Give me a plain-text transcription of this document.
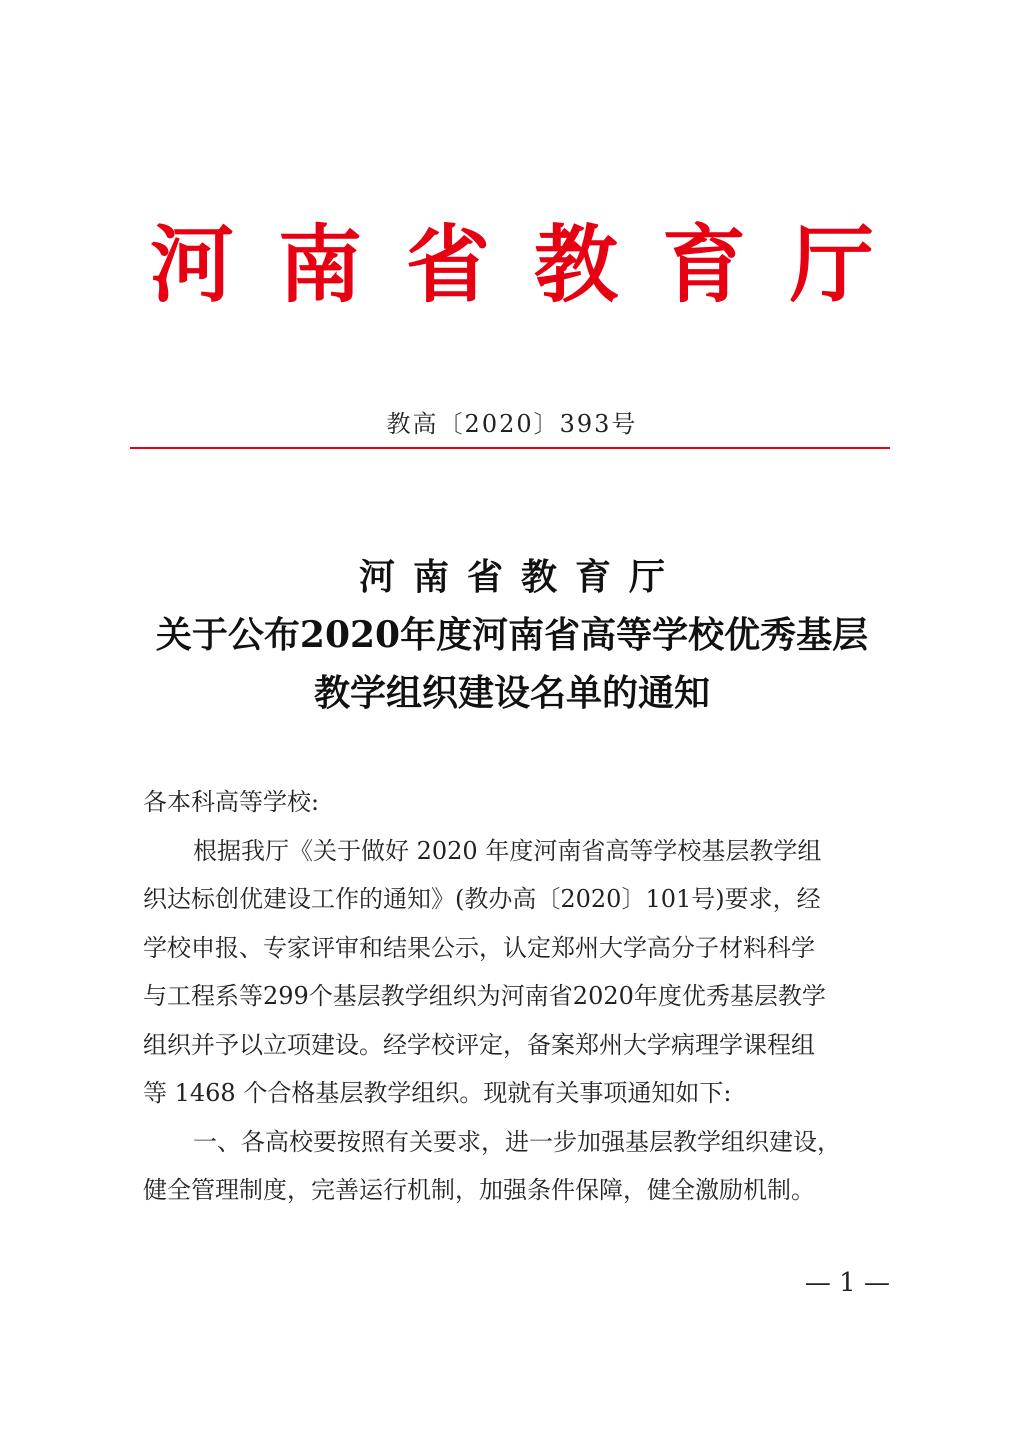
河 南 省 教 育 厅
教高〔2020〕393号
河南省教育厅
关于公布2020年度河南省高等学校优秀基层
教学组织建设名单的通知
各本科高等学校:
根据我厅《关于做好 2020 年度河南省高等学校基层教学组
织达标创优建设工作的通知》(教办高〔2020〕101号)要求，经
学校申报、专家评审和结果公示，认定郑州大学高分子材料科学
与工程系等299个基层教学组织为河南省2020年度优秀基层教学
组织并予以立项建设。经学校评定，备案郑州大学病理学课程组
等 1468 个合格基层教学组织。现就有关事项通知如下:
一、各高校要按照有关要求，进一步加强基层教学组织建设，
健全管理制度，完善运行机制，加强条件保障，健全激励机制。
— 1 —
